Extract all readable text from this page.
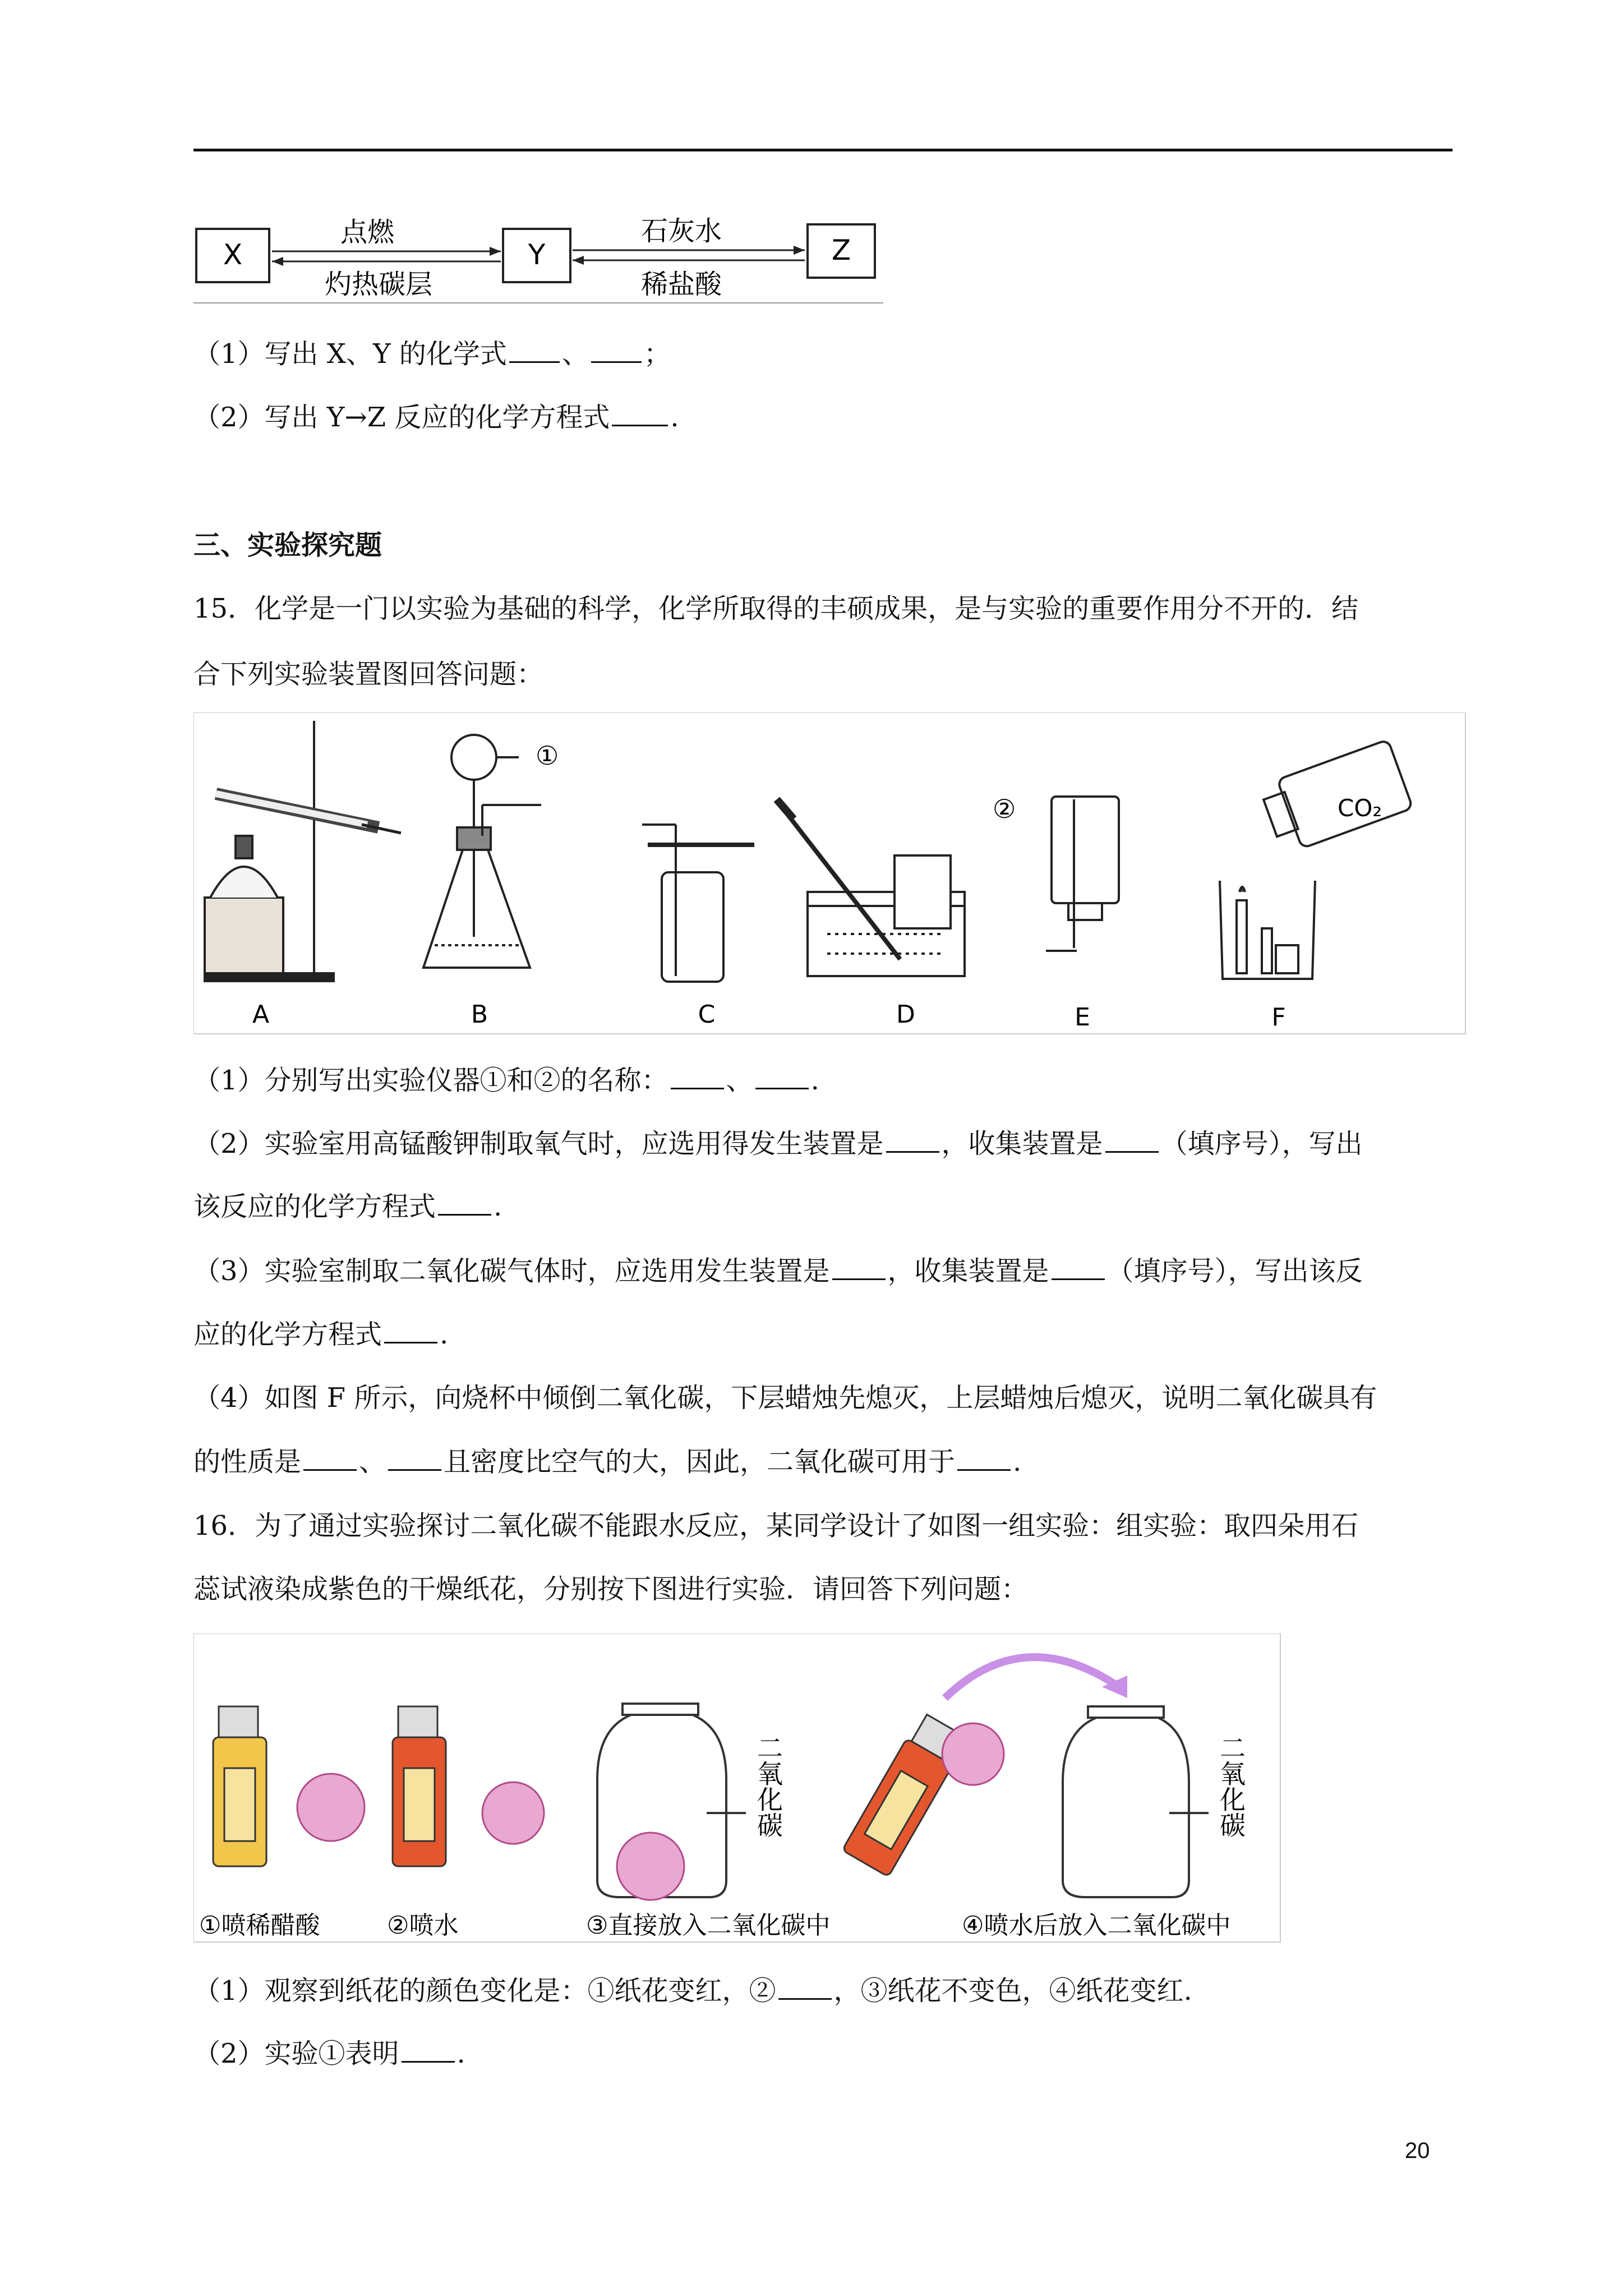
X	Y	Z
点燃
灼热碳层
石灰水
稀盐酸
（1）写出 X、Y 的化学式 、 ；
（2）写出 Y→Z 反应的化学方程式 .
三、实验探究题
15．化学是一门以实验为基础的科学，化学所取得的丰硕成果，是与实验的重要作用分不开的．结
合下列实验装置图回答问题：
①
②	CO₂
A	B	C	D	E	F
（1）分别写出实验仪器①和②的名称： 、 .
（2）实验室用高锰酸钾制取氧气时，应选用得发生装置是 ，收集装置是 （填序号），写出
该反应的化学方程式 .
（3）实验室制取二氧化碳气体时，应选用发生装置是 ，收集装置是 （填序号），写出该反
应的化学方程式 .
（4）如图 F 所示，向烧杯中倾倒二氧化碳，下层蜡烛先熄灭，上层蜡烛后熄灭，说明二氧化碳具有
的性质是 、 且密度比空气的大，因此，二氧化碳可用于 .
16．为了通过实验探讨二氧化碳不能跟水反应，某同学设计了如图一组实验：组实验：取四朵用石
蕊试液染成紫色的干燥纸花，分别按下图进行实验．请回答下列问题：
二氧化碳	二氧化碳
①喷稀醋酸	②喷水	③直接放入二氧化碳中	④喷水后放入二氧化碳中
（1）观察到纸花的颜色变化是：①纸花变红，② ，③纸花不变色，④纸花变红.
（2）实验①表明 .
20
